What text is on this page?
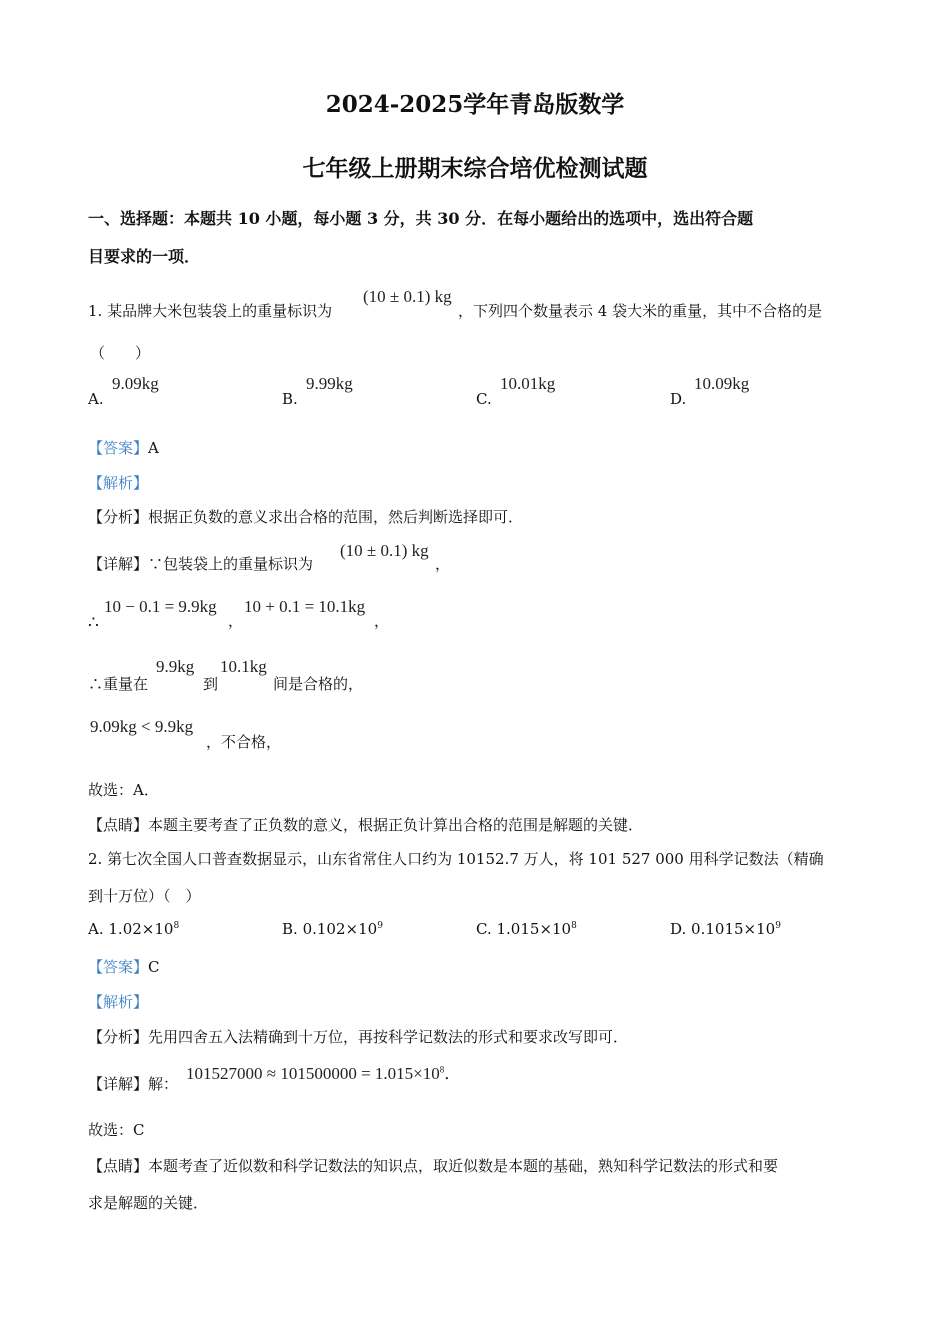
2024-2025学年青岛版数学
七年级上册期末综合培优检测试题
一、选择题：本题共 10 小题，每小题 3 分，共 30 分．在每小题给出的选项中，选出符合题
目要求的一项．
1. 某品牌大米包装袋上的重量标识为
(10 ± 0.1) kg
，下列四个数量表示 4 袋大米的重量，其中不合格的是
（　　）
A.
9.09kg
B.
9.99kg
C.
10.01kg
D.
10.09kg
【答案】A
【解析】
【分析】根据正负数的意义求出合格的范围，然后判断选择即可．
【详解】∵包装袋上的重量标识为
(10 ± 0.1) kg
，
∴
10 − 0.1 = 9.9kg
，
10 + 0.1 = 10.1kg
，
∴重量在
9.9kg
到
10.1kg
间是合格的，
9.09kg < 9.9kg
，不合格，
故选：A．
【点睛】本题主要考查了正负数的意义，根据正负计算出合格的范围是解题的关键．
2. 第七次全国人口普查数据显示，山东省常住人口约为 10152.7 万人，将 101 527 000 用科学记数法（精确
到十万位）（　）
A. $1.02\times 10^8$	B. $0.102\times 10^9$	C. $1.015\times 10^8$	D. $0.1015\times 10^9$
【答案】C
【解析】
【分析】先用四舍五入法精确到十万位，再按科学记数法的形式和要求改写即可．
【详解】解：
$101527000 \approx 101500000 = 1.015\times 10^8$．
故选：C
【点睛】本题考查了近似数和科学记数法的知识点，取近似数是本题的基础，熟知科学记数法的形式和要
求是解题的关键．
